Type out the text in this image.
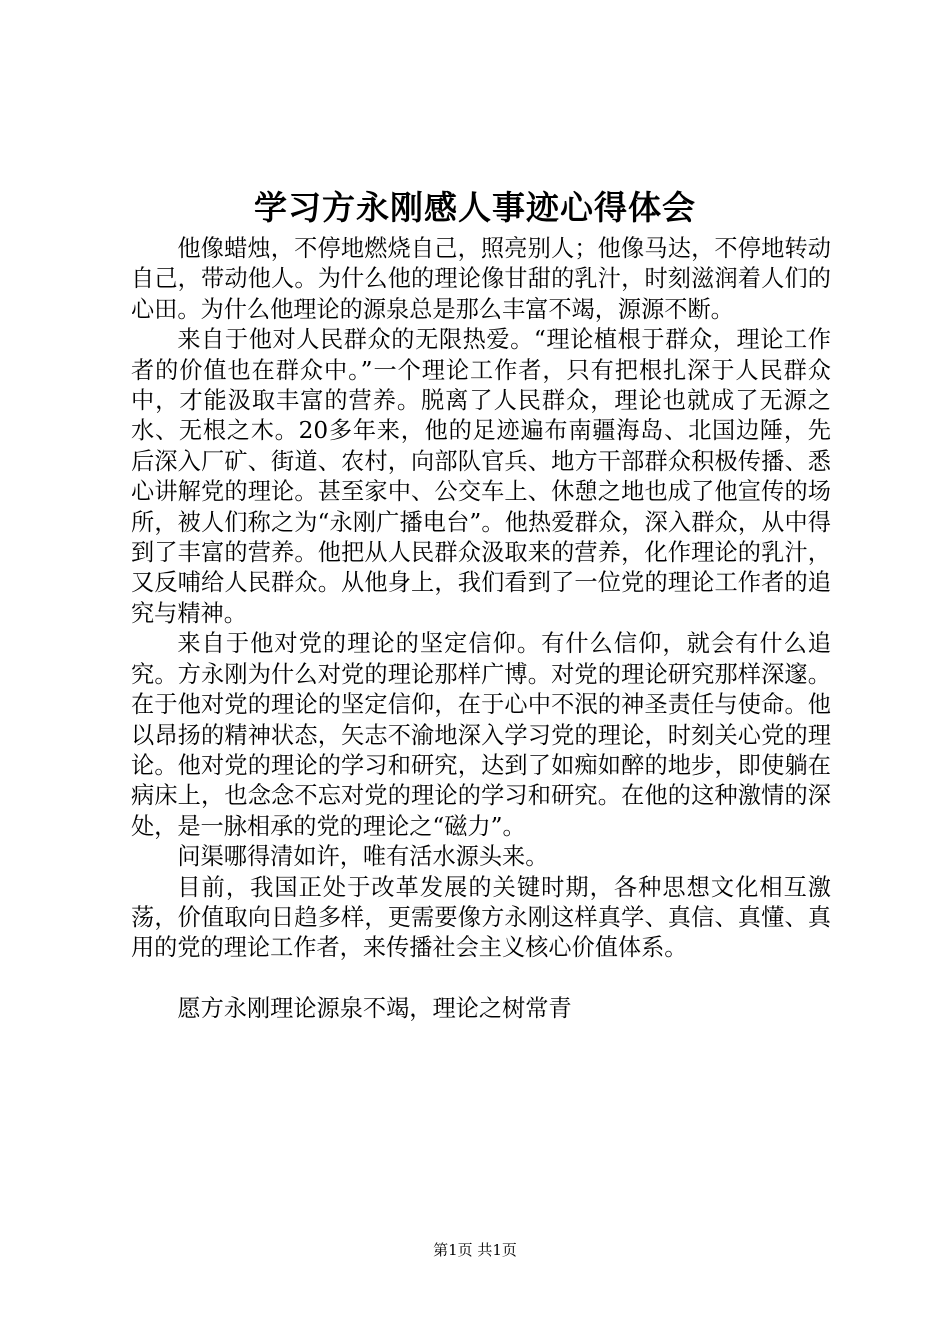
学习方永刚感人事迹心得体会

他像蜡烛，不停地燃烧自己，照亮别人；他像马达，不停地转动自己，带动他人。为什么他的理论像甘甜的乳汁，时刻滋润着人们的心田。为什么他理论的源泉总是那么丰富不竭，源源不断。

来自于他对人民群众的无限热爱。“理论植根于群众，理论工作者的价值也在群众中。”一个理论工作者，只有把根扎深于人民群众中，才能汲取丰富的营养。脱离了人民群众，理论也就成了无源之水、无根之木。20多年来，他的足迹遍布南疆海岛、北国边陲，先后深入厂矿、街道、农村，向部队官兵、地方干部群众积极传播、悉心讲解党的理论。甚至家中、公交车上、休憩之地也成了他宣传的场所，被人们称之为“永刚广播电台”。他热爱群众，深入群众，从中得到了丰富的营养。他把从人民群众汲取来的营养，化作理论的乳汁，又反哺给人民群众。从他身上，我们看到了一位党的理论工作者的追究与精神。

来自于他对党的理论的坚定信仰。有什么信仰，就会有什么追究。方永刚为什么对党的理论那样广博。对党的理论研究那样深邃。在于他对党的理论的坚定信仰，在于心中不泯的神圣责任与使命。他以昂扬的精神状态，矢志不渝地深入学习党的理论，时刻关心党的理论。他对党的理论的学习和研究，达到了如痴如醉的地步，即使躺在病床上，也念念不忘对党的理论的学习和研究。在他的这种激情的深处，是一脉相承的党的理论之“磁力”。

问渠哪得清如许，唯有活水源头来。

目前，我国正处于改革发展的关键时期，各种思想文化相互激荡，价值取向日趋多样，更需要像方永刚这样真学、真信、真懂、真用的党的理论工作者，来传播社会主义核心价值体系。

愿方永刚理论源泉不竭，理论之树常青

第1页 共1页
